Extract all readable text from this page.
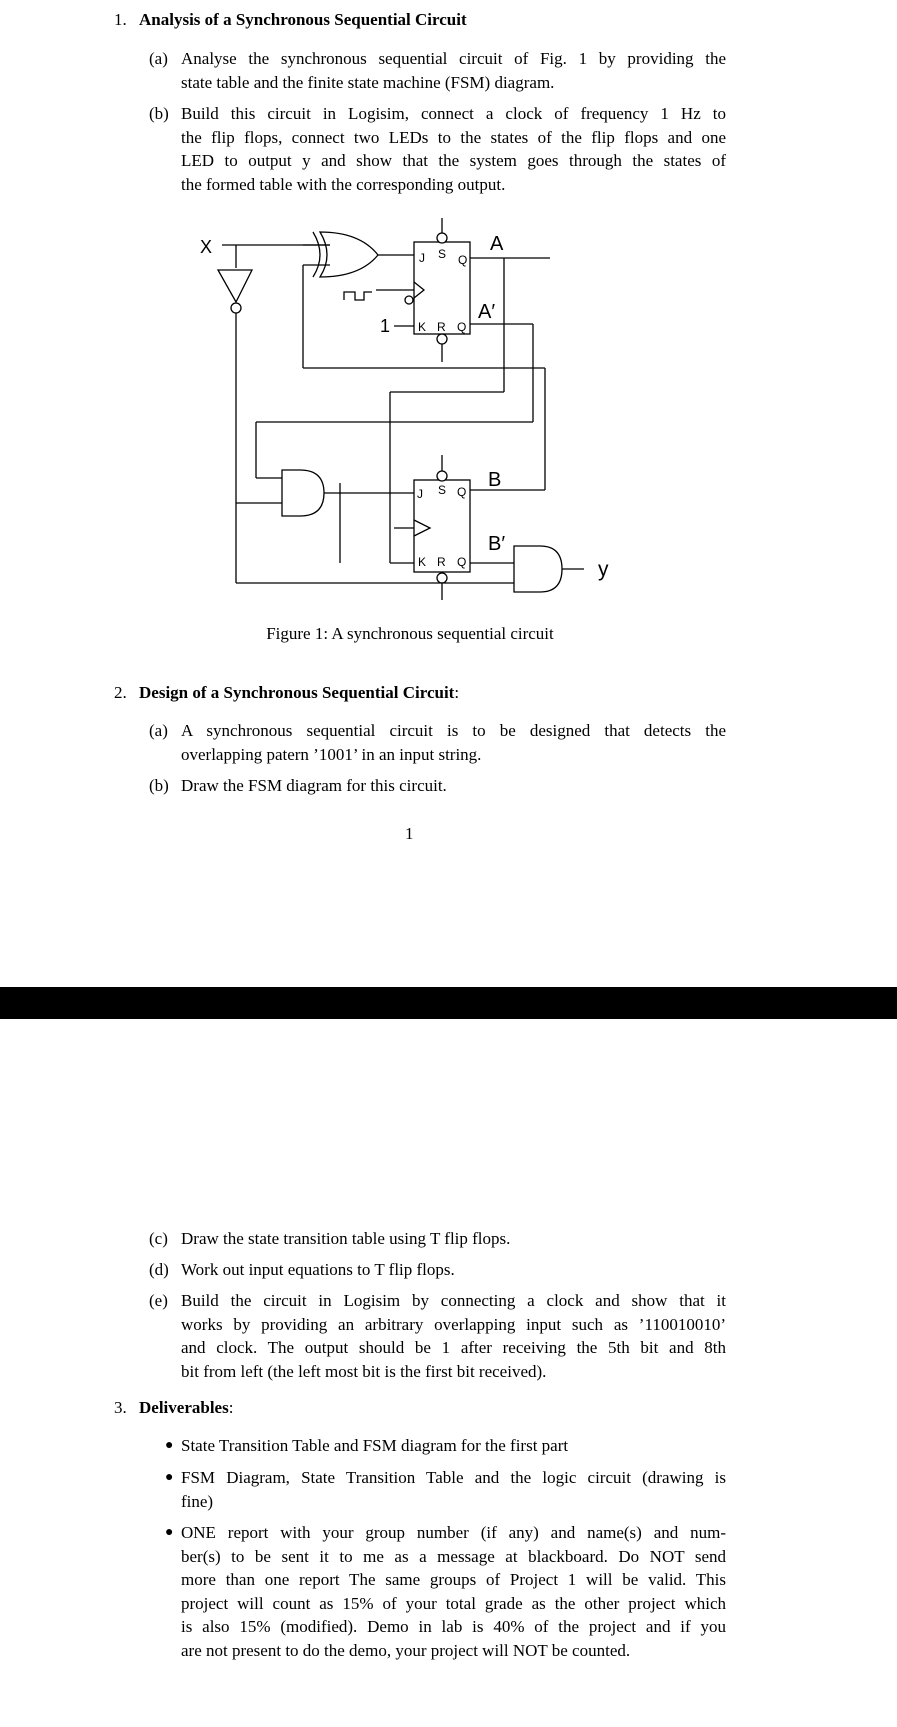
1. Analysis of a Synchronous Sequential Circuit
(a) Analyse the synchronous sequential circuit of Fig. 1 by providing the
state table and the finite state machine (FSM) diagram.
(b) Build this circuit in Logisim, connect a clock of frequency 1 Hz to
the flip flops, connect two LEDs to the states of the flip flops and one
LED to output y and show that the system goes through the states of
the formed table with the corresponding output.
X	A
A′
B
B′
y
1
J S Q
K R Q
J S Q
K R Q
Figure 1: A synchronous sequential circuit
2. Design of a Synchronous Sequential Circuit:
(a) A synchronous sequential circuit is to be designed that detects the
overlapping patern ’1001’ in an input string.
(b) Draw the FSM diagram for this circuit.
1
(c) Draw the state transition table using T flip flops.
(d) Work out input equations to T flip flops.
(e) Build the circuit in Logisim by connecting a clock and show that it
works by providing an arbitrary overlapping input such as ’110010010’
and clock. The output should be 1 after receiving the 5th bit and 8th
bit from left (the left most bit is the first bit received).
3. Deliverables:
● State Transition Table and FSM diagram for the first part
● FSM Diagram, State Transition Table and the logic circuit (drawing is
fine)
● ONE report with your group number (if any) and name(s) and num-
ber(s) to be sent it to me as a message at blackboard. Do NOT send
more than one report The same groups of Project 1 will be valid. This
project will count as 15% of your total grade as the other project which
is also 15% (modified). Demo in lab is 40% of the project and if you
are not present to do the demo, your project will NOT be counted.
